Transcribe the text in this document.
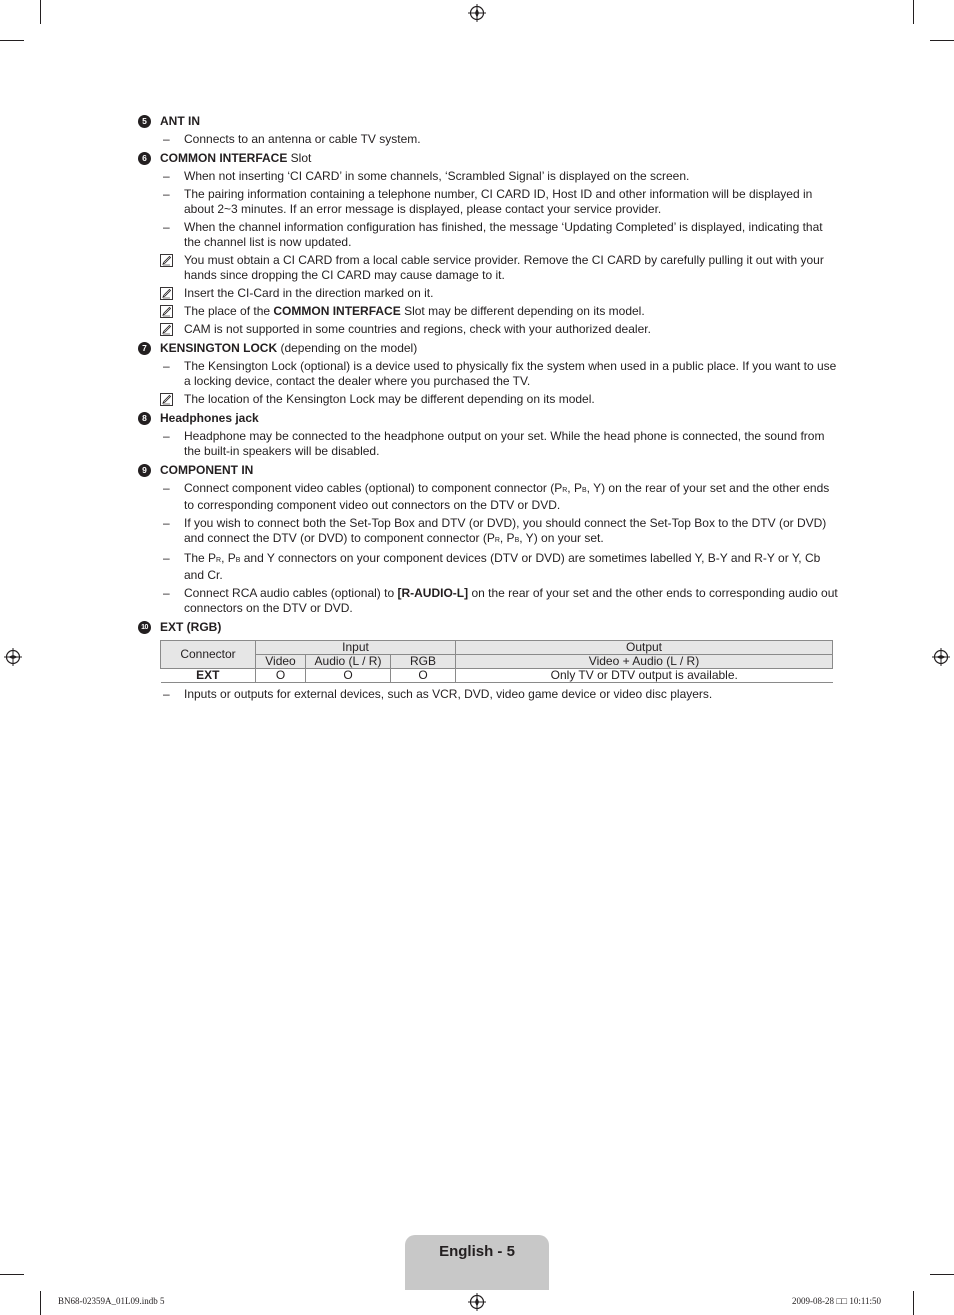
5	ANT IN
– Connects to an antenna or cable TV system.
6	COMMON INTERFACE Slot
– When not inserting ‘CI CARD’ in some channels, ‘Scrambled Signal’ is displayed on the screen.
– The pairing information containing a telephone number, CI CARD ID, Host ID and other information will be displayed in about 2~3 minutes. If an error message is displayed, please contact your service provider.
– When the channel information configuration has finished, the message ‘Updating Completed’ is displayed, indicating that the channel list is now updated.
You must obtain a CI CARD from a local cable service provider. Remove the CI CARD by carefully pulling it out with your hands since dropping the CI CARD may cause damage to it.
Insert the CI-Card in the direction marked on it.
The place of the COMMON INTERFACE Slot may be different depending on its model.
CAM is not supported in some countries and regions, check with your authorized dealer.
7	KENSINGTON LOCK (depending on the model)
– The Kensington Lock (optional) is a device used to physically fix the system when used in a public place. If you want to use a locking device, contact the dealer where you purchased the TV.
The location of the Kensington Lock may be different depending on its model.
8	Headphones jack
– Headphone may be connected to the headphone output on your set. While the head phone is connected, the sound from the built-in speakers will be disabled.
9	COMPONENT IN
– Connect component video cables (optional) to component connector (PR, PB, Y) on the rear of your set and the other ends to corresponding component video out connectors on the DTV or DVD.
– If you wish to connect both the Set-Top Box and DTV (or DVD), you should connect the Set-Top Box to the DTV (or DVD) and connect the DTV (or DVD) to component connector (PR, PB, Y) on your set.
– The PR, PB and Y connectors on your component devices (DTV or DVD) are sometimes labelled Y, B-Y and R-Y or Y, Cb and Cr.
– Connect RCA audio cables (optional) to [R-AUDIO-L] on the rear of your set and the other ends to corresponding audio out connectors on the DTV or DVD.
10 EXT (RGB)
Connector	Input			Output
	Video	Audio (L / R)	RGB	Video + Audio (L / R)
EXT	O	O	O	Only TV or DTV output is available.
– Inputs or outputs for external devices, such as VCR, DVD, video game device or video disc players.
English - 5
BN68-02359A_01L09.indb 5	2009-08-28 □□ 10:11:50
